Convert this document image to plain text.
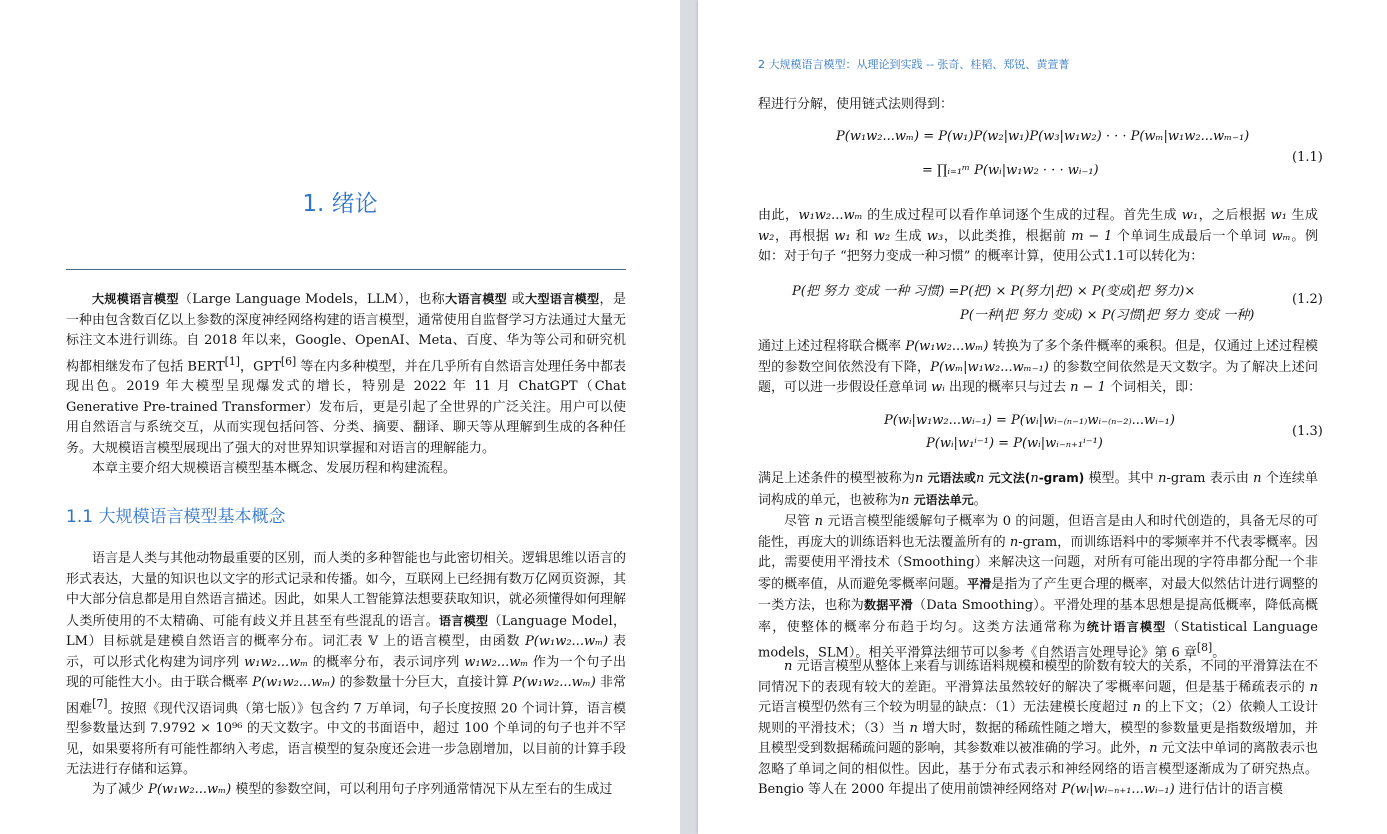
1. 绪论

大规模语言模型（Large Language Models，LLM），也称大语言模型 或大型语言模型，是一种由包含数百亿以上参数的深度神经网络构建的语言模型，通常使用自监督学习方法通过大量无标注文本进行训练。自 2018 年以来，Google、OpenAI、Meta、百度、华为等公司和研究机构都相继发布了包括 BERT[1]，GPT[6] 等在内多种模型，并在几乎所有自然语言处理任务中都表现出色。2019 年大模型呈现爆发式的增长，特别是 2022 年 11 月 ChatGPT（Chat Generative Pre-trained Transformer）发布后，更是引起了全世界的广泛关注。用户可以使用自然语言与系统交互，从而实现包括问答、分类、摘要、翻译、聊天等从理解到生成的各种任务。大规模语言模型展现出了强大的对世界知识掌握和对语言的理解能力。

本章主要介绍大规模语言模型基本概念、发展历程和构建流程。

1.1 大规模语言模型基本概念

语言是人类与其他动物最重要的区别，而人类的多种智能也与此密切相关。逻辑思维以语言的形式表达，大量的知识也以文字的形式记录和传播。如今，互联网上已经拥有数万亿网页资源，其中大部分信息都是用自然语言描述。因此，如果人工智能算法想要获取知识，就必须懂得如何理解人类所使用的不太精确、可能有歧义并且甚至有些混乱的语言。语言模型（Language Model，LM）目标就是建模自然语言的概率分布。词汇表 𝕍 上的语言模型，由函数 P(w₁w₂...wₘ) 表示，可以形式化构建为词序列 w₁w₂...wₘ 的概率分布，表示词序列 w₁w₂...wₘ 作为一个句子出现的可能性大小。由于联合概率 P(w₁w₂...wₘ) 的参数量十分巨大，直接计算 P(w₁w₂...wₘ) 非常困难[7]。按照《现代汉语词典（第七版）》包含约 7 万单词，句子长度按照 20 个词计算，语言模型参数量达到 7.9792 × 10⁹⁶ 的天文数字。中文的书面语中，超过 100 个单词的句子也并不罕见，如果要将所有可能性都纳入考虑，语言模型的复杂度还会进一步急剧增加，以目前的计算手段无法进行存储和运算。

为了减少 P(w₁w₂...wₘ) 模型的参数空间，可以利用句子序列通常情况下从左至右的生成过

2 大规模语言模型：从理论到实践 -- 张奇、桂韬、郑锐、黄萱菁

程进行分解，使用链式法则得到：

P(w₁w₂...wₘ) = P(w₁)P(w₂|w₁)P(w₃|w₁w₂) · · · P(wₘ|w₁w₂...wₘ₋₁)
= ∏ᵢ₌₁ᵐ P(wᵢ|w₁w₂ · · · wᵢ₋₁)
(1.1)

由此，w₁w₂...wₘ 的生成过程可以看作单词逐个生成的过程。首先生成 w₁，之后根据 w₁ 生成 w₂，再根据 w₁ 和 w₂ 生成 w₃，以此类推，根据前 m − 1 个单词生成最后一个单词 wₘ。例如：对于句子 “把努力变成一种习惯” 的概率计算，使用公式1.1可以转化为：

P(把 努力 变成 一种 习惯) =P(把) × P(努力|把) × P(变成|把 努力)×
P(一种|把 努力 变成) × P(习惯|把 努力 变成 一种)
(1.2)

通过上述过程将联合概率 P(w₁w₂...wₘ) 转换为了多个条件概率的乘积。但是，仅通过上述过程模型的参数空间依然没有下降，P(wₘ|w₁w₂...wₘ₋₁) 的参数空间依然是天文数字。为了解决上述问题，可以进一步假设任意单词 wᵢ 出现的概率只与过去 n − 1 个词相关，即：

P(wᵢ|w₁w₂...wᵢ₋₁) = P(wᵢ|wᵢ₋₍ₙ₋₁₎wᵢ₋₍ₙ₋₂₎...wᵢ₋₁)
P(wᵢ|w₁ⁱ⁻¹) = P(wᵢ|wᵢ₋ₙ₊₁ⁱ⁻¹)
(1.3)

满足上述条件的模型被称为n 元语法或n 元文法(n-gram) 模型。其中 n-gram 表示由 n 个连续单词构成的单元，也被称为n 元语法单元。

尽管 n 元语言模型能缓解句子概率为 0 的问题，但语言是由人和时代创造的，具备无尽的可能性，再庞大的训练语料也无法覆盖所有的 n-gram，而训练语料中的零频率并不代表零概率。因此，需要使用平滑技术（Smoothing）来解决这一问题，对所有可能出现的字符串都分配一个非零的概率值，从而避免零概率问题。平滑是指为了产生更合理的概率，对最大似然估计进行调整的一类方法，也称为数据平滑（Data Smoothing）。平滑处理的基本思想是提高低概率，降低高概率，使整体的概率分布趋于均匀。这类方法通常称为统计语言模型（Statistical Language models，SLM）。相关平滑算法细节可以参考《自然语言处理导论》第 6 章[8]。

n 元语言模型从整体上来看与训练语料规模和模型的阶数有较大的关系，不同的平滑算法在不同情况下的表现有较大的差距。平滑算法虽然较好的解决了零概率问题，但是基于稀疏表示的 n 元语言模型仍然有三个较为明显的缺点：（1）无法建模长度超过 n 的上下文；（2）依赖人工设计规则的平滑技术；（3）当 n 增大时，数据的稀疏性随之增大，模型的参数量更是指数级增加，并且模型受到数据稀疏问题的影响，其参数难以被准确的学习。此外，n 元文法中单词的离散表示也忽略了单词之间的相似性。因此，基于分布式表示和神经网络的语言模型逐渐成为了研究热点。Bengio 等人在 2000 年提出了使用前馈神经网络对 P(wᵢ|wᵢ₋ₙ₊₁...wᵢ₋₁) 进行估计的语言模
